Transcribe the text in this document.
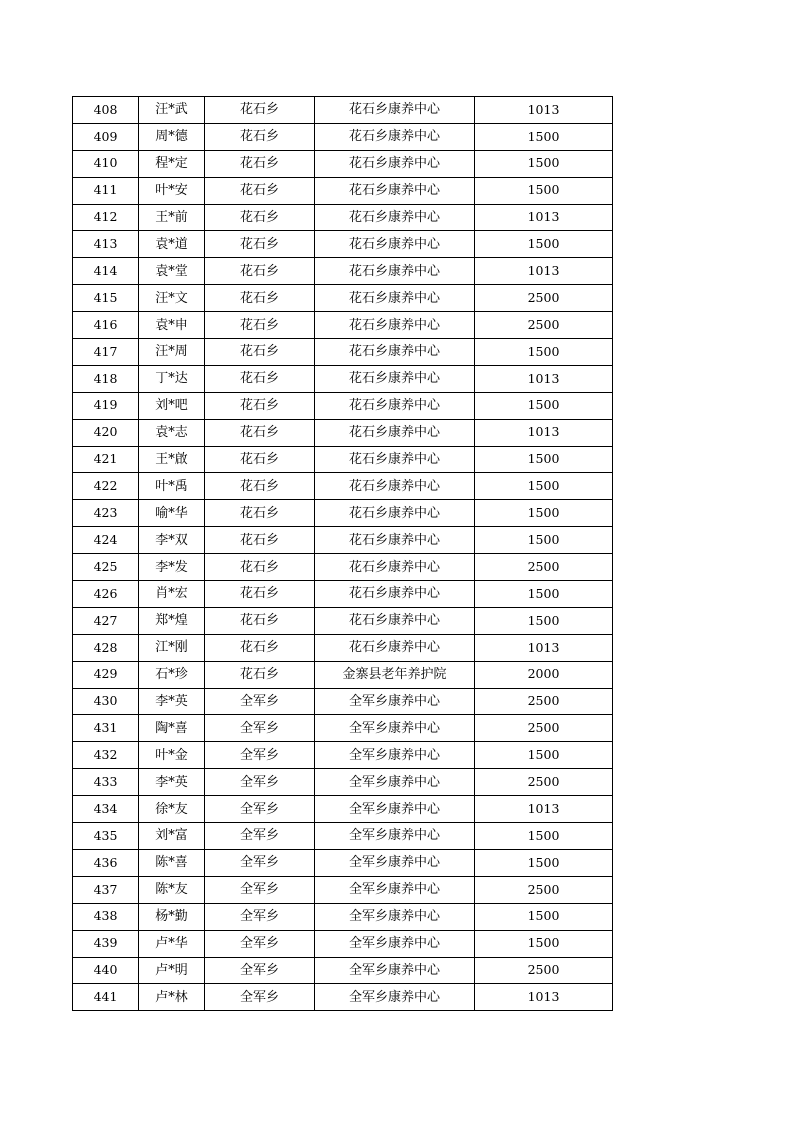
408	汪*武	花石乡	花石乡康养中心	1013
409	周*德	花石乡	花石乡康养中心	1500
410	程*定	花石乡	花石乡康养中心	1500
411	叶*安	花石乡	花石乡康养中心	1500
412	王*前	花石乡	花石乡康养中心	1013
413	袁*道	花石乡	花石乡康养中心	1500
414	袁*堂	花石乡	花石乡康养中心	1013
415	汪*文	花石乡	花石乡康养中心	2500
416	袁*申	花石乡	花石乡康养中心	2500
417	汪*周	花石乡	花石乡康养中心	1500
418	丁*达	花石乡	花石乡康养中心	1013
419	刘*吧	花石乡	花石乡康养中心	1500
420	袁*志	花石乡	花石乡康养中心	1013
421	王*啟	花石乡	花石乡康养中心	1500
422	叶*禹	花石乡	花石乡康养中心	1500
423	喻*华	花石乡	花石乡康养中心	1500
424	李*双	花石乡	花石乡康养中心	1500
425	李*发	花石乡	花石乡康养中心	2500
426	肖*宏	花石乡	花石乡康养中心	1500
427	郑*煌	花石乡	花石乡康养中心	1500
428	江*刚	花石乡	花石乡康养中心	1013
429	石*珍	花石乡	金寨县老年养护院	2000
430	李*英	全军乡	全军乡康养中心	2500
431	陶*喜	全军乡	全军乡康养中心	2500
432	叶*金	全军乡	全军乡康养中心	1500
433	李*英	全军乡	全军乡康养中心	2500
434	徐*友	全军乡	全军乡康养中心	1013
435	刘*富	全军乡	全军乡康养中心	1500
436	陈*喜	全军乡	全军乡康养中心	1500
437	陈*友	全军乡	全军乡康养中心	2500
438	杨*勤	全军乡	全军乡康养中心	1500
439	卢*华	全军乡	全军乡康养中心	1500
440	卢*明	全军乡	全军乡康养中心	2500
441	卢*林	全军乡	全军乡康养中心	1013
